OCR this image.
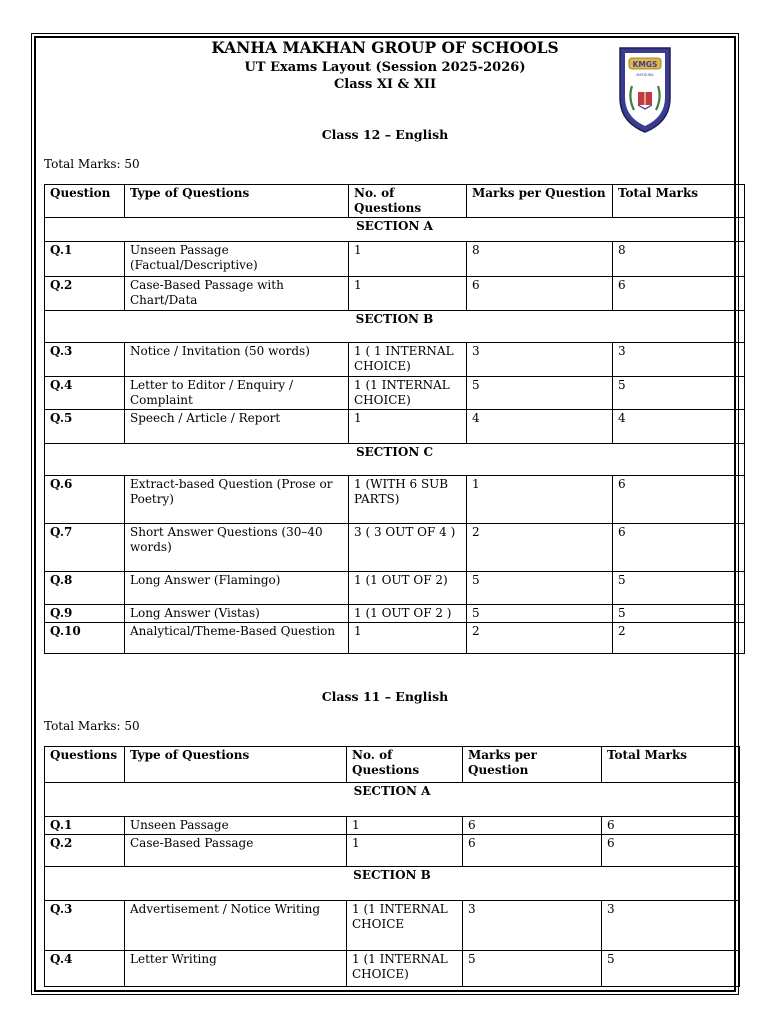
KANHA MAKHAN GROUP OF SCHOOLS
UT Exams Layout (Session 2025-2026)
Class XI & XII
KMGS
MATHURA
Class 12 – English
Total Marks: 50
Question	Type of Questions	No. of Questions	Marks per Question	Total Marks
SECTION A				
Q.1	Unseen Passage (Factual/Descriptive)	1	8	8
Q.2	Case-Based Passage with Chart/Data	1	6	6
SECTION B				
Q.3	Notice / Invitation (50 words)	1 ( 1 INTERNAL CHOICE)	3	3
Q.4	Letter to Editor / Enquiry / Complaint	1 (1 INTERNAL CHOICE)	5	5
Q.5	Speech / Article / Report	1	4	4
SECTION C				
Q.6	Extract-based Question (Prose or Poetry)	1 (WITH 6 SUB PARTS)	1	6
Q.7	Short Answer Questions (30–40 words)	3 ( 3 OUT OF 4 )	2	6
Q.8	Long Answer (Flamingo)	1 (1 OUT OF 2)	5	5
Q.9	Long Answer (Vistas)	1 (1 OUT OF 2 )	5	5
Q.10	Analytical/Theme-Based Question	1	2	2
Class 11 – English
Total Marks: 50
Questions	Type of Questions	No. of Questions	Marks per Question	Total Marks
SECTION A				
Q.1	Unseen Passage	1	6	6
Q.2	Case-Based Passage	1	6	6
SECTION B				
Q.3	Advertisement / Notice Writing	1 (1 INTERNAL CHOICE	3	3
Q.4	Letter Writing	1 (1 INTERNAL CHOICE)	5	5
